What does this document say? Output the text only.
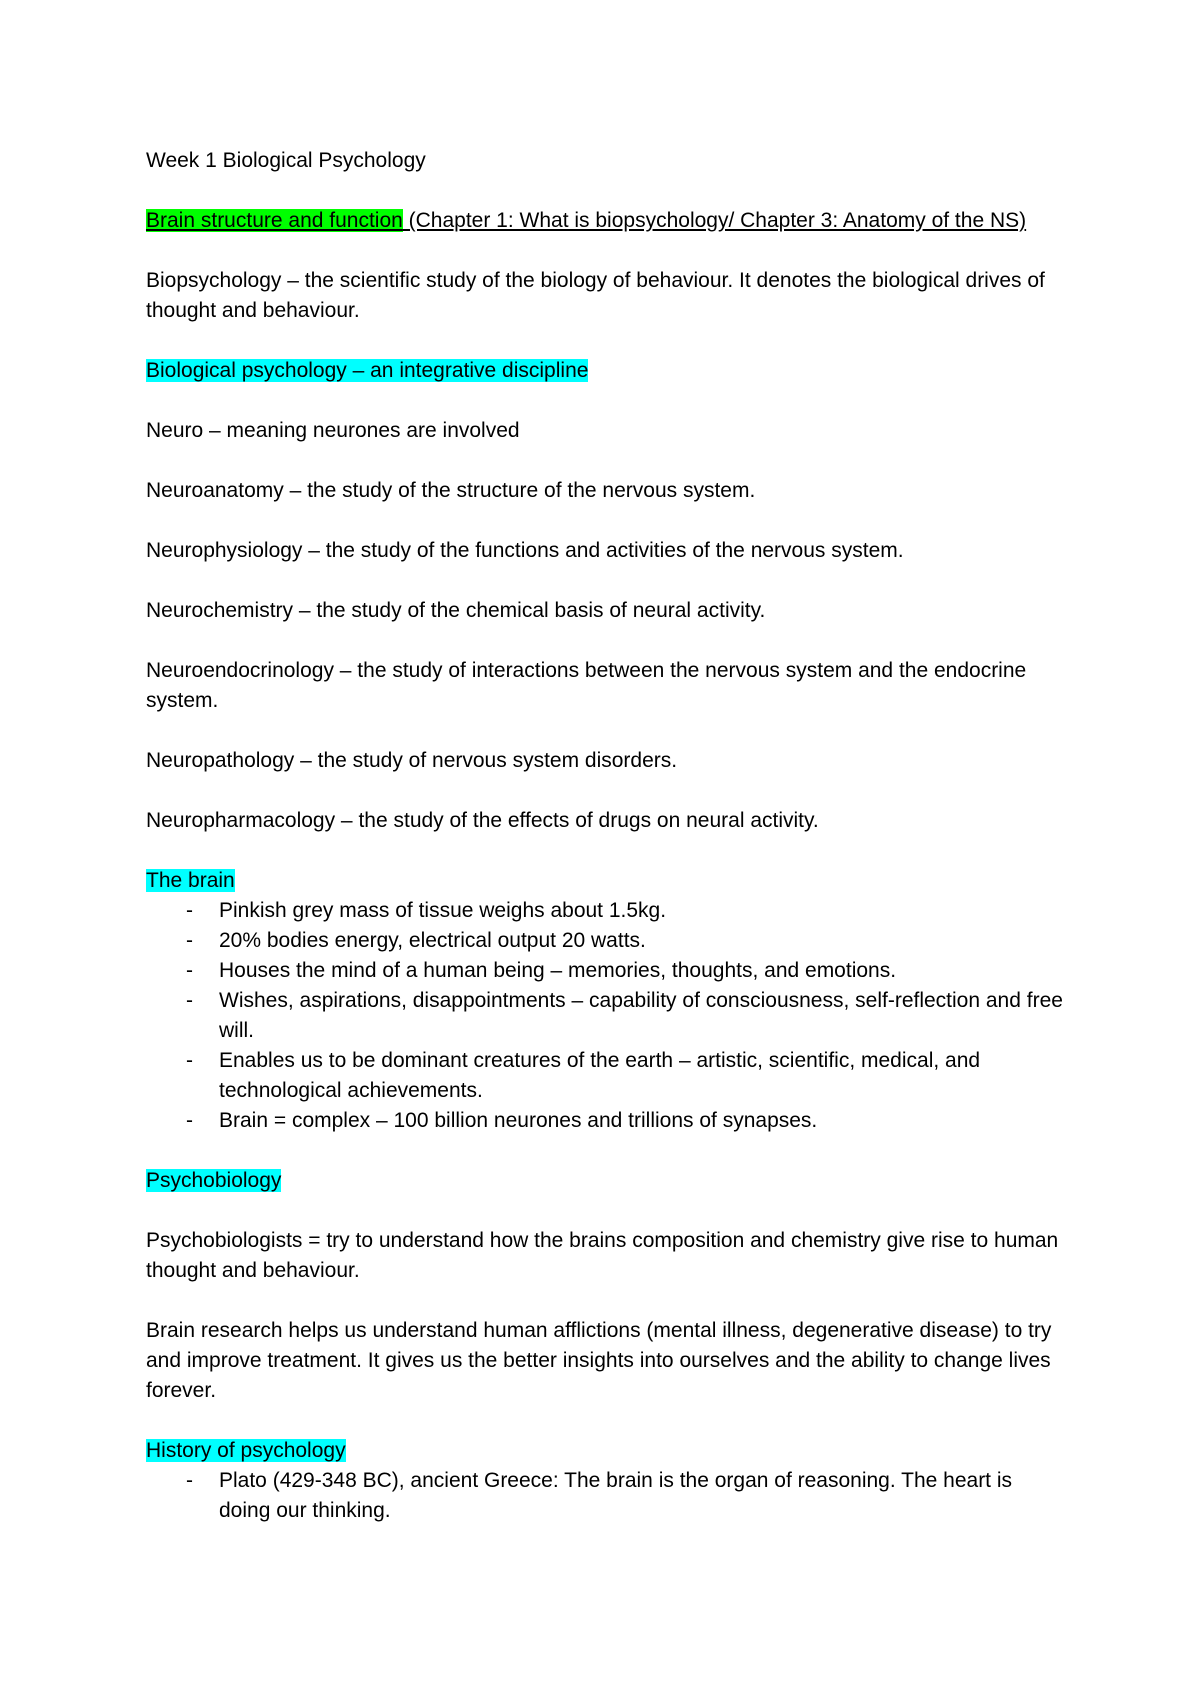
Week 1 Biological Psychology

Brain structure and function (Chapter 1: What is biopsychology/ Chapter 3: Anatomy of the NS)

Biopsychology – the scientific study of the biology of behaviour. It denotes the biological drives of thought and behaviour.

Biological psychology – an integrative discipline

Neuro – meaning neurones are involved

Neuroanatomy – the study of the structure of the nervous system.

Neurophysiology – the study of the functions and activities of the nervous system.

Neurochemistry – the study of the chemical basis of neural activity.

Neuroendocrinology – the study of interactions between the nervous system and the endocrine system.

Neuropathology – the study of nervous system disorders.

Neuropharmacology – the study of the effects of drugs on neural activity.

The brain

- Pinkish grey mass of tissue weighs about 1.5kg.
- 20% bodies energy, electrical output 20 watts.
- Houses the mind of a human being – memories, thoughts, and emotions.
- Wishes, aspirations, disappointments – capability of consciousness, self-reflection and free will.
- Enables us to be dominant creatures of the earth – artistic, scientific, medical, and technological achievements.
- Brain = complex – 100 billion neurones and trillions of synapses.

Psychobiology

Psychobiologists = try to understand how the brains composition and chemistry give rise to human thought and behaviour.

Brain research helps us understand human afflictions (mental illness, degenerative disease) to try and improve treatment. It gives us the better insights into ourselves and the ability to change lives forever.

History of psychology

- Plato (429-348 BC), ancient Greece: The brain is the organ of reasoning. The heart is doing our thinking.
